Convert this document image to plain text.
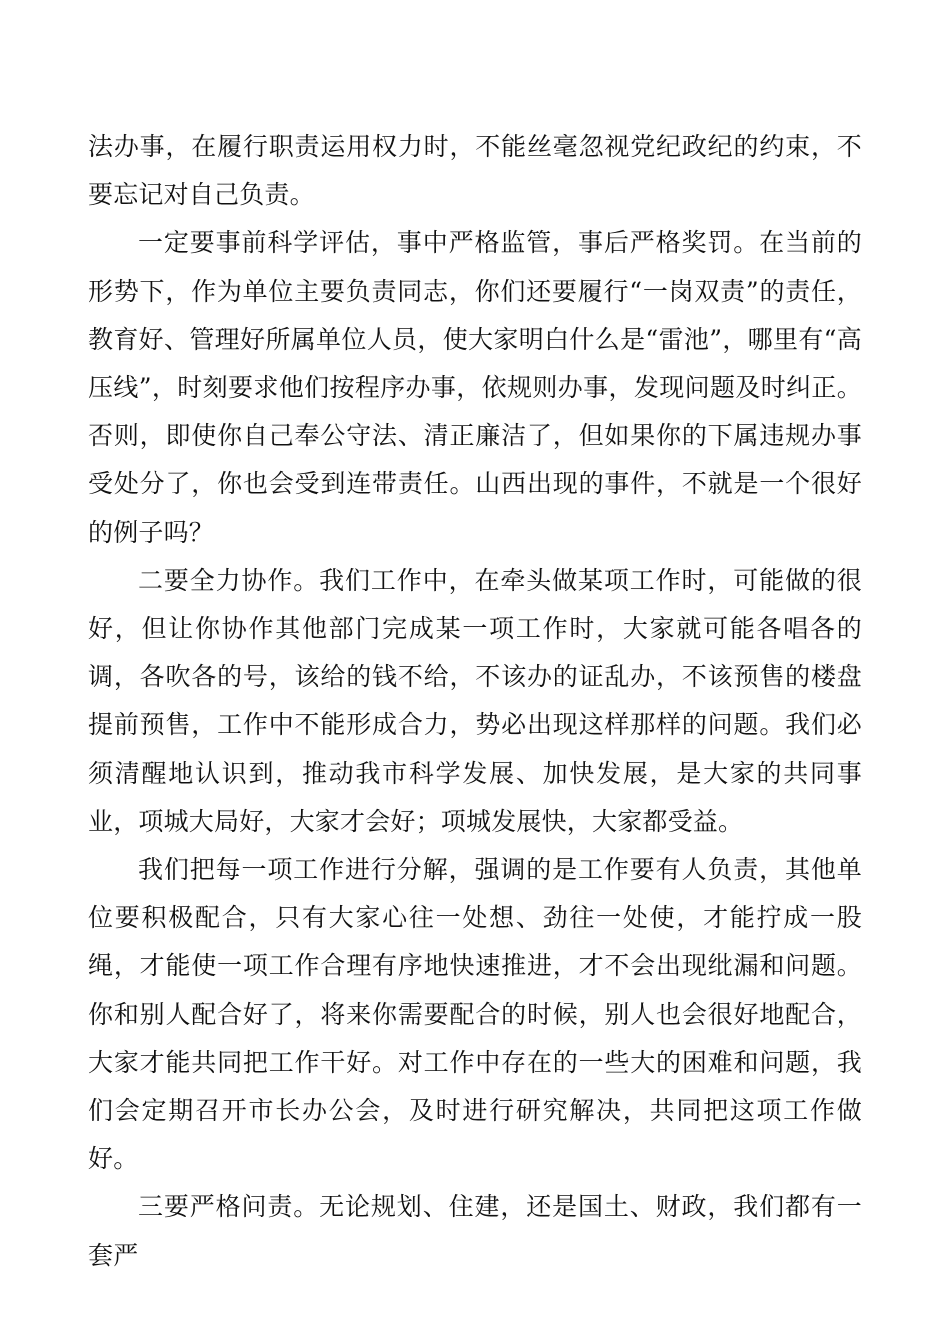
法办事，在履行职责运用权力时，不能丝毫忽视党纪政纪的约束，不要忘记对自己负责。

一定要事前科学评估，事中严格监管，事后严格奖罚。在当前的形势下，作为单位主要负责同志，你们还要履行“一岗双责”的责任，教育好、管理好所属单位人员，使大家明白什么是“雷池”，哪里有“高压线”，时刻要求他们按程序办事，依规则办事，发现问题及时纠正。否则，即使你自己奉公守法、清正廉洁了，但如果你的下属违规办事受处分了，你也会受到连带责任。山西出现的事件，不就是一个很好的例子吗？

二要全力协作。我们工作中，在牵头做某项工作时，可能做的很好，但让你协作其他部门完成某一项工作时，大家就可能各唱各的调，各吹各的号，该给的钱不给，不该办的证乱办，不该预售的楼盘提前预售，工作中不能形成合力，势必出现这样那样的问题。我们必须清醒地认识到，推动我市科学发展、加快发展，是大家的共同事业，项城大局好，大家才会好；项城发展快，大家都受益。

我们把每一项工作进行分解，强调的是工作要有人负责，其他单位要积极配合，只有大家心往一处想、劲往一处使，才能拧成一股绳，才能使一项工作合理有序地快速推进，才不会出现纰漏和问题。你和别人配合好了，将来你需要配合的时候，别人也会很好地配合，大家才能共同把工作干好。对工作中存在的一些大的困难和问题，我们会定期召开市长办公会，及时进行研究解决，共同把这项工作做好。

三要严格问责。无论规划、住建，还是国土、财政，我们都有一套严
